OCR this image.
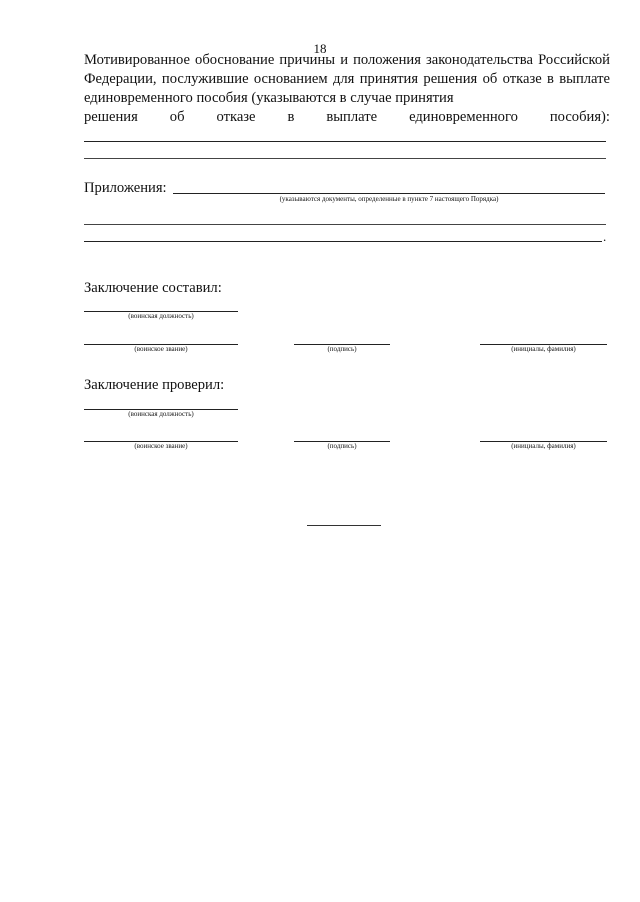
18
Мотивированное обоснование причины и положения законодательства Российской Федерации, послужившие основанием для принятия решения об отказе в выплате единовременного пособия (указываются в случае принятия
решения об отказе в выплате единовременного пособия):
Приложения:
(указываются документы, определенные в пункте 7 настоящего Порядка)
.
Заключение составил:
(воинская должность)
(воинское звание)	(подпись)	(инициалы, фамилия)
Заключение проверил:
(воинская должность)
(воинское звание)	(подпись)	(инициалы, фамилия)
